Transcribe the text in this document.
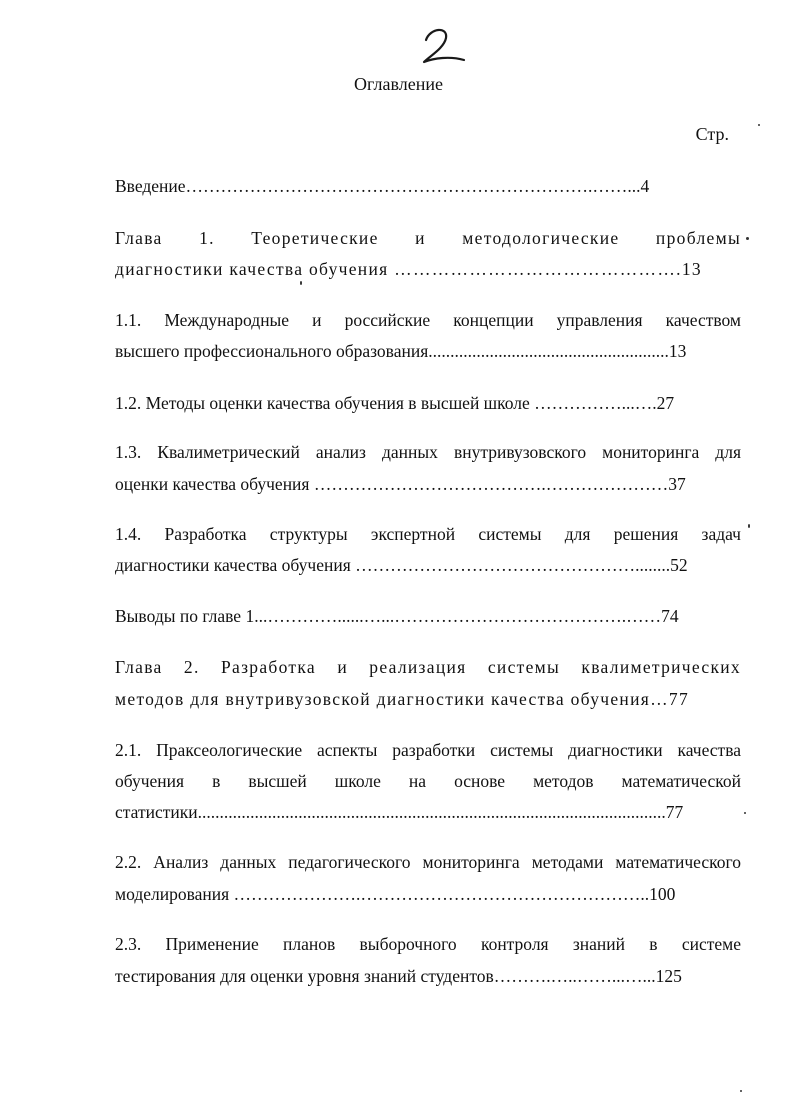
Оглавление
Стр.
Введение…………………………………………………………….……...4
Глава 1. Теоретические и методологические проблемы
диагностики качества обучения ……………………………………….13
1.1. Международные и российские концепции управления качеством
высшего профессионального образования.......................................................13
1.2. Методы оценки качества обучения в высшей школе ……………...….27
1.3. Квалиметрический анализ данных внутривузовского мониторинга для
оценки качества обучения ………………………………….…………………37
1.4. Разработка структуры экспертной системы для решения задач
диагностики качества обучения …………………………………………........52
Выводы по главе 1...…………......…...………………………………….……74
Глава 2. Разработка и реализация системы квалиметрических
методов для внутривузовской диагностики качества обучения…77
2.1. Праксеологические аспекты разработки системы диагностики качества
обучения в высшей школе на основе методов математической
статистики...........................................................................................................77
2.2. Анализ данных педагогического мониторинга методами математического
моделирования ………………….…………………………………………..100
2.3. Применение планов выборочного контроля знаний в системе
тестирования для оценки уровня знаний студентов……….…..……...…...125
